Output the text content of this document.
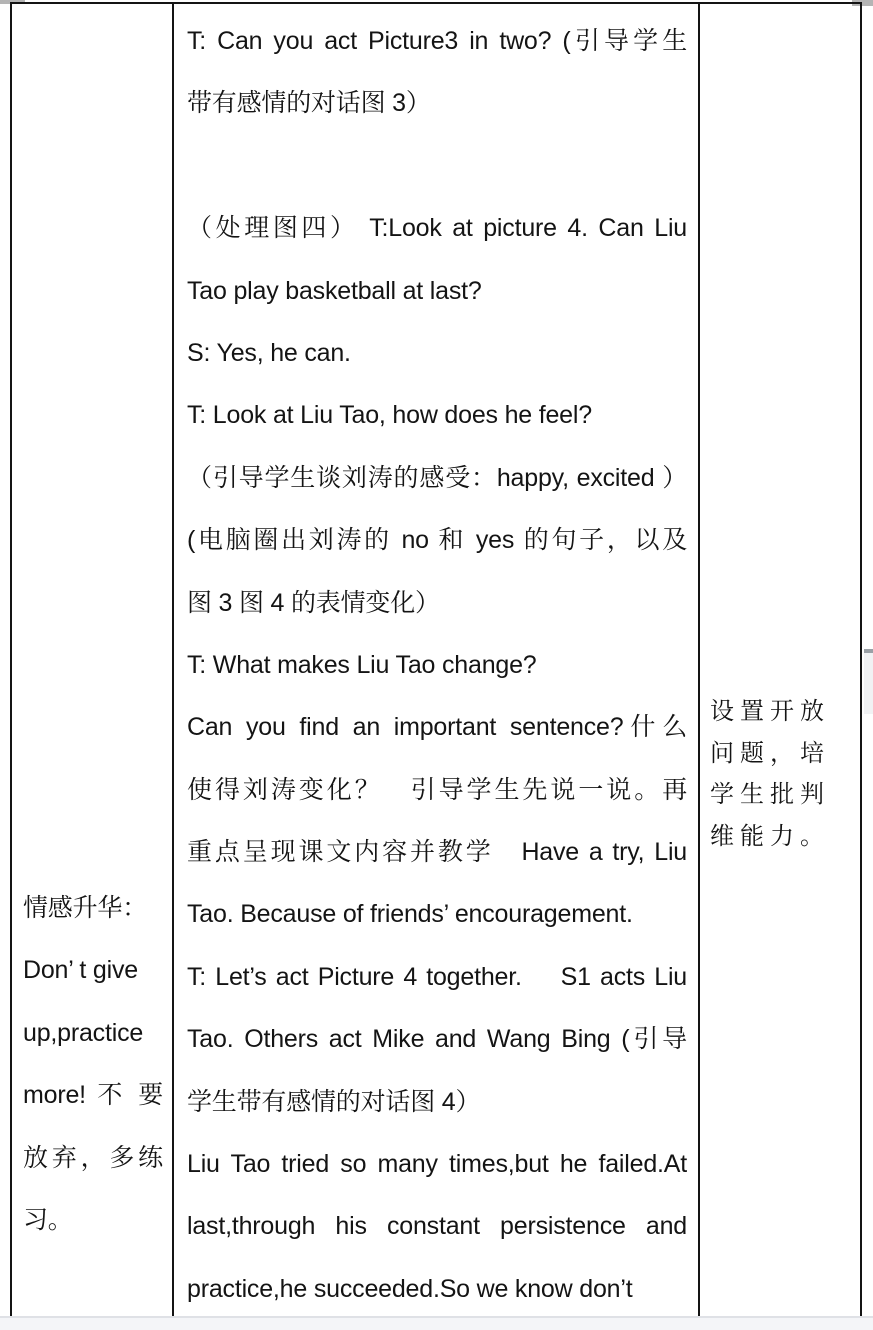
情感升华：
Don’ t give
up,practice
more! 不 要
放弃，多练
习。
T: Can you act Picture3 in two? (引导学生
带有感情的对话图 3）

（处理图四） T:Look at picture 4. Can Liu
Tao play basketball at last?
S: Yes, he can.
T: Look at Liu Tao, how does he feel?
（引导学生谈刘涛的感受：happy, excited ）
(电脑圈出刘涛的 no 和 yes 的句子，以及
图 3 图 4 的表情变化）
T: What makes Liu Tao change?
Can you find an important sentence?什么
使得刘涛变化？　引导学生先说一说。再
重点呈现课文内容并教学　Have a try, Liu
Tao. Because of friends’ encouragement.
T: Let’s act Picture 4 together.　 S1 acts Liu
Tao. Others act Mike and Wang Bing (引导
学生带有感情的对话图 4）
Liu Tao tried so many times,but he failed.At
last,through his constant persistence and
practice,he succeeded.So we know don’t
设置开放
问题，培
学生批判
维能力。
